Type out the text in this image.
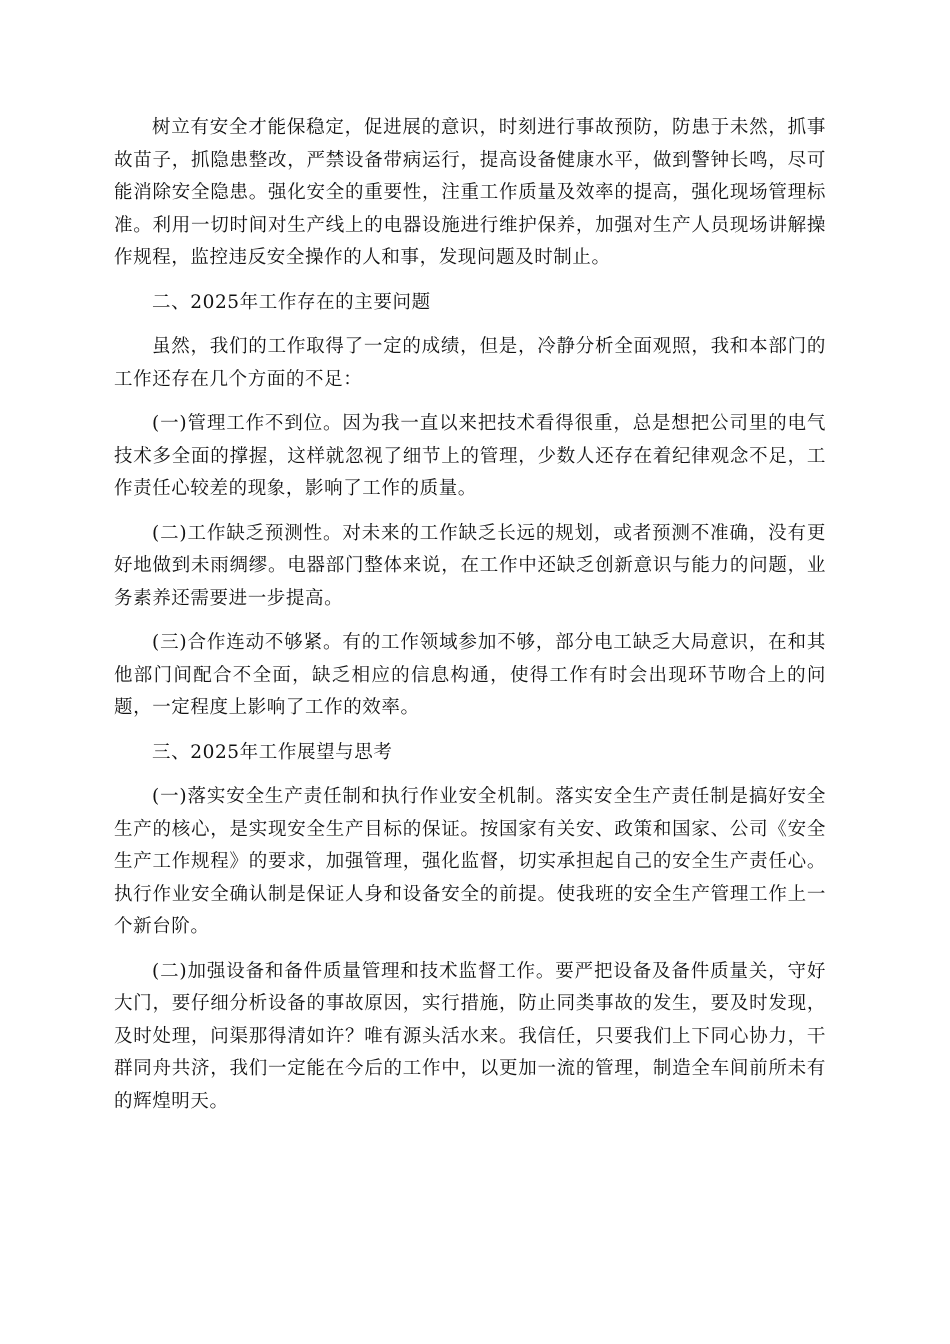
树立有安全才能保稳定，促进展的意识，时刻进行事故预防，防患于未然，抓事故苗子，抓隐患整改，严禁设备带病运行，提高设备健康水平，做到警钟长鸣，尽可能消除安全隐患。强化安全的重要性，注重工作质量及效率的提高，强化现场管理标准。利用一切时间对生产线上的电器设施进行维护保养，加强对生产人员现场讲解操作规程，监控违反安全操作的人和事，发现问题及时制止。

二、2025年工作存在的主要问题

虽然，我们的工作取得了一定的成绩，但是，冷静分析全面观照，我和本部门的工作还存在几个方面的不足：

(一)管理工作不到位。因为我一直以来把技术看得很重，总是想把公司里的电气技术多全面的撑握，这样就忽视了细节上的管理，少数人还存在着纪律观念不足，工作责任心较差的现象，影响了工作的质量。

(二)工作缺乏预测性。对未来的工作缺乏长远的规划，或者预测不准确，没有更好地做到未雨绸缪。电器部门整体来说，在工作中还缺乏创新意识与能力的问题，业务素养还需要进一步提高。

(三)合作连动不够紧。有的工作领域参加不够，部分电工缺乏大局意识，在和其他部门间配合不全面，缺乏相应的信息构通，使得工作有时会出现环节吻合上的问题，一定程度上影响了工作的效率。

三、2025年工作展望与思考

(一)落实安全生产责任制和执行作业安全机制。落实安全生产责任制是搞好安全生产的核心，是实现安全生产目标的保证。按国家有关安、政策和国家、公司《安全生产工作规程》的要求，加强管理，强化监督，切实承担起自己的安全生产责任心。执行作业安全确认制是保证人身和设备安全的前提。使我班的安全生产管理工作上一个新台阶。

(二)加强设备和备件质量管理和技术监督工作。要严把设备及备件质量关，守好大门，要仔细分析设备的事故原因，实行措施，防止同类事故的发生，要及时发现，及时处理，问渠那得清如许？唯有源头活水来。我信任，只要我们上下同心协力，干群同舟共济，我们一定能在今后的工作中，以更加一流的管理，制造全车间前所未有的辉煌明天。
